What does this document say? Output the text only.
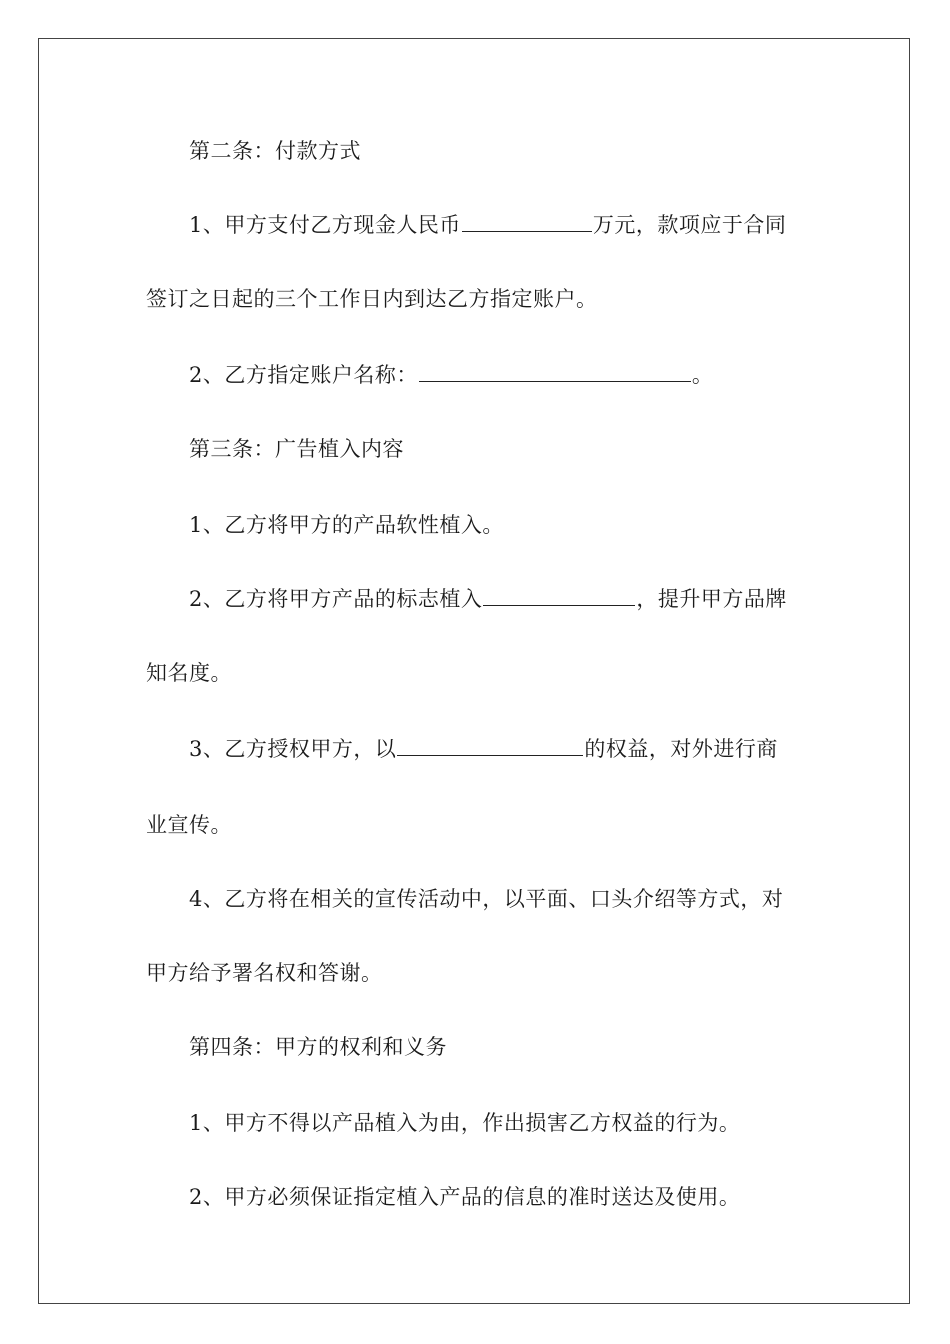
第二条：付款方式
1、甲方支付乙方现金人民币	万元，款项应于合同
签订之日起的三个工作日内到达乙方指定账户。
2、乙方指定账户名称：	。
第三条：广告植入内容
1、乙方将甲方的产品软性植入。
2、乙方将甲方产品的标志植入	，提升甲方品牌
知名度。
3、乙方授权甲方，以	的权益，对外进行商
业宣传。
4、乙方将在相关的宣传活动中，以平面、口头介绍等方式，对
甲方给予署名权和答谢。
第四条：甲方的权利和义务
1、甲方不得以产品植入为由，作出损害乙方权益的行为。
2、甲方必须保证指定植入产品的信息的准时送达及使用。
